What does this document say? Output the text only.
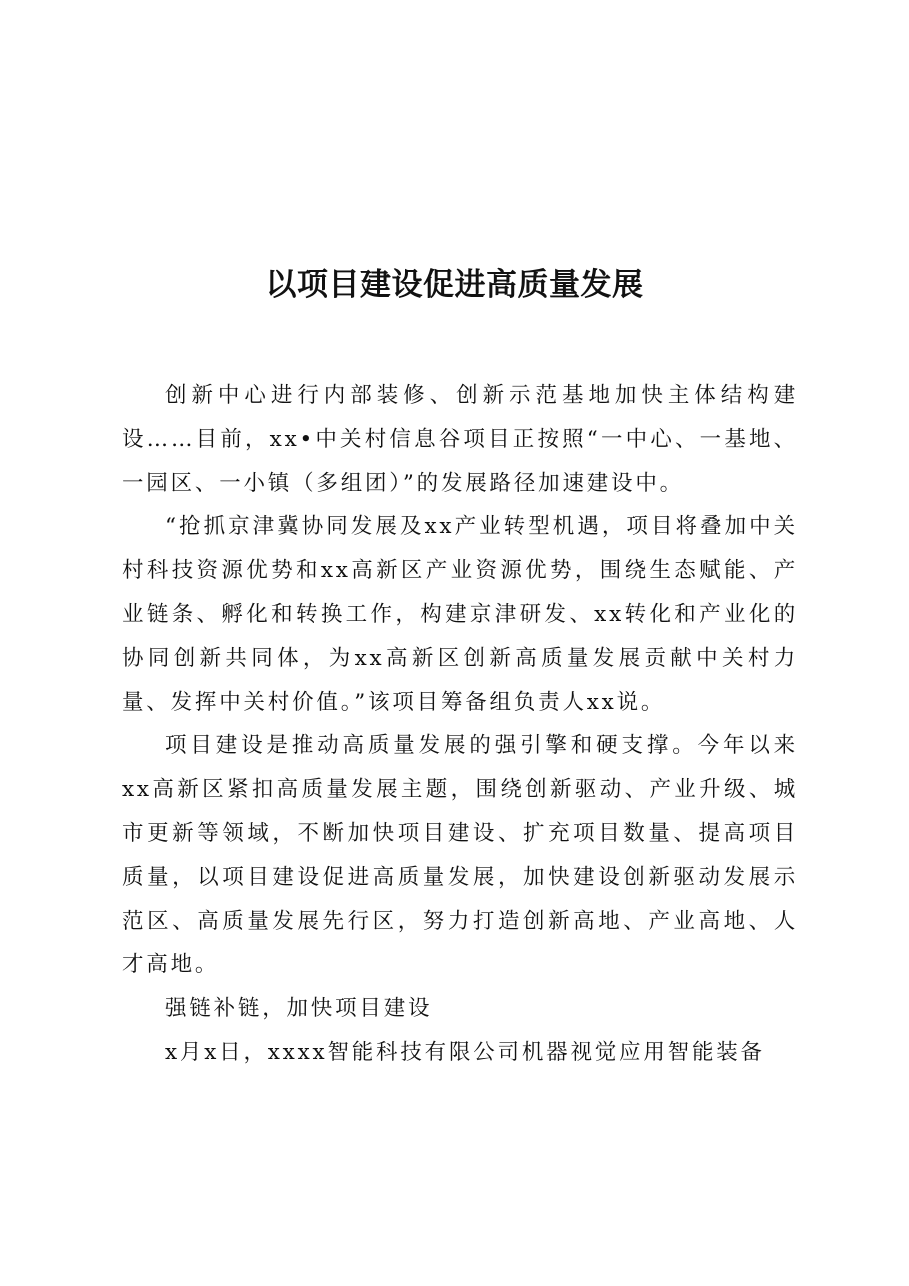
以项目建设促进高质量发展

创新中心进行内部装修、创新示范基地加快主体结构建设……目前，xx•中关村信息谷项目正按照“一中心、一基地、一园区、一小镇（多组团）”的发展路径加速建设中。

“抢抓京津冀协同发展及xx产业转型机遇，项目将叠加中关村科技资源优势和xx高新区产业资源优势，围绕生态赋能、产业链条、孵化和转换工作，构建京津研发、xx转化和产业化的协同创新共同体，为xx高新区创新高质量发展贡献中关村力量、发挥中关村价值。”该项目筹备组负责人xx说。

项目建设是推动高质量发展的强引擎和硬支撑。今年以来xx高新区紧扣高质量发展主题，围绕创新驱动、产业升级、城市更新等领域，不断加快项目建设、扩充项目数量、提高项目质量，以项目建设促进高质量发展，加快建设创新驱动发展示范区、高质量发展先行区，努力打造创新高地、产业高地、人才高地。

强链补链，加快项目建设

x月x日，xxxx智能科技有限公司机器视觉应用智能装备
